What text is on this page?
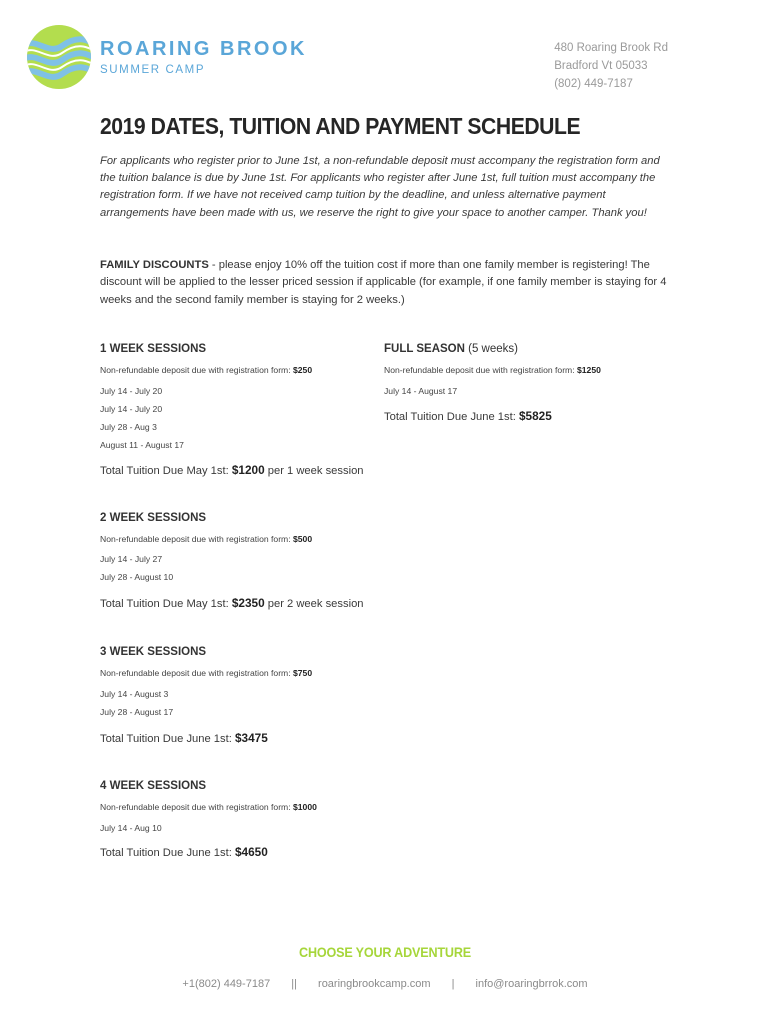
ROARING BROOK
SUMMER CAMP
480 Roaring Brook Rd
Bradford Vt 05033
(802) 449-7187
2019 DATES, TUITION AND PAYMENT SCHEDULE

For applicants who register prior to June 1st, a non-refundable deposit must accompany the registration form and the tuition balance is due by June 1st. For applicants who register after June 1st, full tuition must accompany the registration form. If we have not received camp tuition by the deadline, and unless alternative payment arrangements have been made with us, we reserve the right to give your space to another camper. Thank you!

FAMILY DISCOUNTS - please enjoy 10% off the tuition cost if more than one family member is registering! The discount will be applied to the lesser priced session if applicable (for example, if one family member is staying for 4 weeks and the second family member is staying for 2 weeks.)

1 WEEK SESSIONS
Non-refundable deposit due with registration form: $250
July 14 - July 20
July 14 - July 20
July 28 - Aug 3
August 11 - August 17
Total Tuition Due May 1st: $1200 per 1 week session
FULL SEASON (5 weeks)
Non-refundable deposit due with registration form: $1250
July 14 - August 17
Total Tuition Due June 1st: $5825
2 WEEK SESSIONS
Non-refundable deposit due with registration form: $500
July 14 - July 27
July 28 - August 10
Total Tuition Due May 1st: $2350 per 2 week session
3 WEEK SESSIONS
Non-refundable deposit due with registration form: $750
July 14 - August 3
July 28 - August 17
Total Tuition Due June 1st: $3475
4 WEEK SESSIONS
Non-refundable deposit due with registration form: $1000
July 14 - Aug 10
Total Tuition Due June 1st: $4650
CHOOSE YOUR ADVENTURE
+1(802) 449-7187 || roaringbrookcamp.com | info@roaringbrrok.com
